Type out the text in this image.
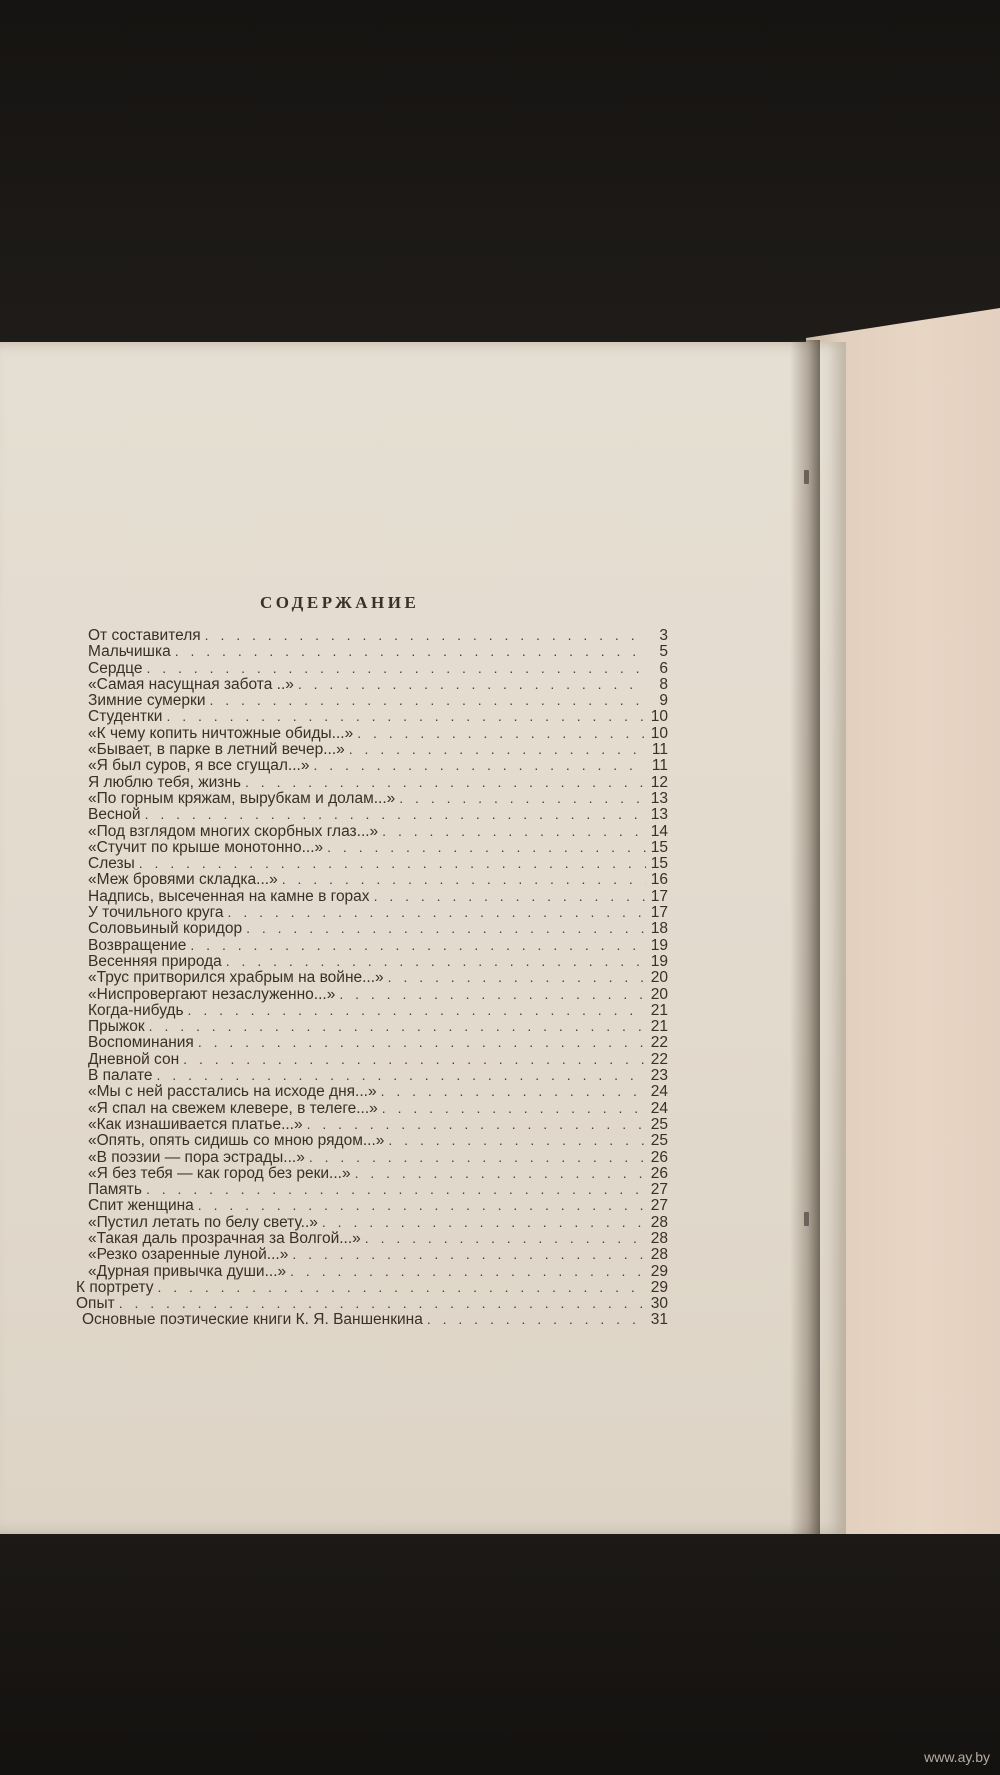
СОДЕРЖАНИЕ
От составителя . . .	3
Мальчишка . . .	5
Сердце . . .	6
«Самая насущная забота ..» . . .	8
Зимние сумерки . . .	9
Студентки . . .	10
«К чему копить ничтожные обиды...» . . .	10
«Бывает, в парке в летний вечер...» . . .	11
«Я был суров, я все сгущал...» . . .	11
Я люблю тебя, жизнь . . .	12
«По горным кряжам, вырубкам и долам...» . . .	13
Весной . . .	13
«Под взглядом многих скорбных глаз...» . . .	14
«Стучит по крыше монотонно...» . . .	15
Слезы . . .	15
«Меж бровями складка...» . . .	16
Надпись, высеченная на камне в горах . . .	17
У точильного круга . . .	17
Соловьиный коридор . . .	18
Возвращение . . .	19
Весенняя природа . . .	19
«Трус притворился храбрым на войне...» . . .	20
«Ниспровергают незаслуженно...» . . .	20
Когда-нибудь . . .	21
Прыжок . . .	21
Воспоминания . . .	22
Дневной сон . . .	22
В палате . . .	23
«Мы с ней расстались на исходе дня...» . . .	24
«Я спал на свежем клевере, в телеге...» . . .	24
«Как изнашивается платье...» . . .	25
«Опять, опять сидишь со мною рядом...» . . .	25
«В поэзии — пора эстрады...» . . .	26
«Я без тебя — как город без реки...» . . .	26
Память . . .	27
Спит женщина . . .	27
«Пустил летать по белу свету..» . . .	28
«Такая даль прозрачная за Волгой...» . . .	28
«Резко озаренные луной...» . . .	28
«Дурная привычка души...» . . .	29
К портрету . . .	29
Опыт . . .	30
Основные поэтические книги К. Я. Ваншенкина . . .	31
www.ay.by
